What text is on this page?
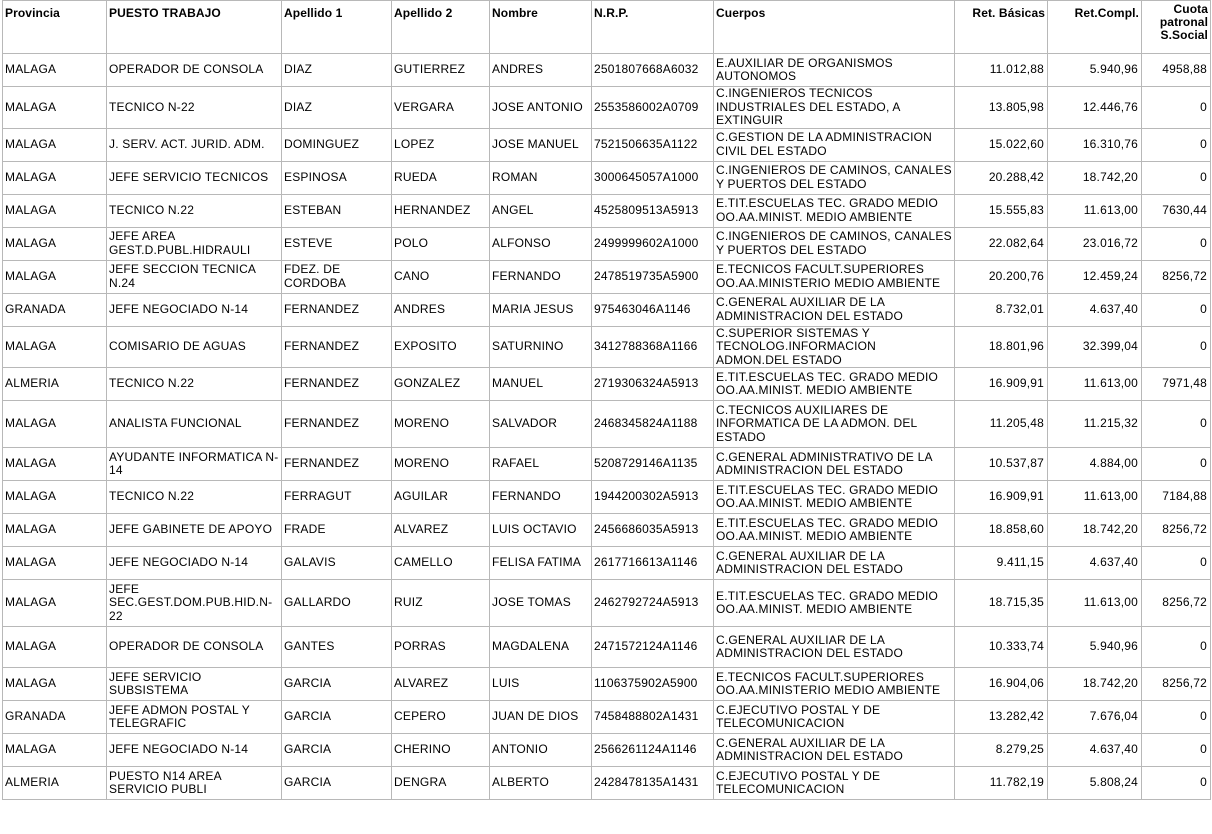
Provincia	PUESTO TRABAJO	Apellido 1	Apellido 2	Nombre	N.R.P.	Cuerpos	Ret. Básicas	Ret.Compl.	Cuota patronal S.Social
MALAGA	OPERADOR DE CONSOLA	DIAZ	GUTIERREZ	ANDRES	2501807668A6032	E.AUXILIAR DE ORGANISMOS AUTONOMOS	11.012,88	5.940,96	4958,88
MALAGA	TECNICO N-22	DIAZ	VERGARA	JOSE ANTONIO	2553586002A0709	C.INGENIEROS TECNICOS INDUSTRIALES DEL ESTADO, A EXTINGUIR	13.805,98	12.446,76	0
MALAGA	J. SERV. ACT. JURID. ADM.	DOMINGUEZ	LOPEZ	JOSE MANUEL	7521506635A1122	C.GESTION DE LA ADMINISTRACION CIVIL DEL ESTADO	15.022,60	16.310,76	0
MALAGA	JEFE SERVICIO TECNICOS	ESPINOSA	RUEDA	ROMAN	3000645057A1000	C.INGENIEROS DE CAMINOS, CANALES Y PUERTOS DEL ESTADO	20.288,42	18.742,20	0
MALAGA	TECNICO N.22	ESTEBAN	HERNANDEZ	ANGEL	4525809513A5913	E.TIT.ESCUELAS TEC. GRADO MEDIO OO.AA.MINIST. MEDIO AMBIENTE	15.555,83	11.613,00	7630,44
MALAGA	JEFE AREA GEST.D.PUBL.HIDRAULI	ESTEVE	POLO	ALFONSO	2499999602A1000	C.INGENIEROS DE CAMINOS, CANALES Y PUERTOS DEL ESTADO	22.082,64	23.016,72	0
MALAGA	JEFE SECCION TECNICA N.24	FDEZ. DE CORDOBA	CANO	FERNANDO	2478519735A5900	E.TECNICOS FACULT.SUPERIORES OO.AA.MINISTERIO MEDIO AMBIENTE	20.200,76	12.459,24	8256,72
GRANADA	JEFE NEGOCIADO N-14	FERNANDEZ	ANDRES	MARIA JESUS	975463046A1146	C.GENERAL AUXILIAR DE LA ADMINISTRACION DEL ESTADO	8.732,01	4.637,40	0
MALAGA	COMISARIO DE AGUAS	FERNANDEZ	EXPOSITO	SATURNINO	3412788368A1166	C.SUPERIOR SISTEMAS Y TECNOLOG.INFORMACION ADMON.DEL ESTADO	18.801,96	32.399,04	0
ALMERIA	TECNICO N.22	FERNANDEZ	GONZALEZ	MANUEL	2719306324A5913	E.TIT.ESCUELAS TEC. GRADO MEDIO OO.AA.MINIST. MEDIO AMBIENTE	16.909,91	11.613,00	7971,48
MALAGA	ANALISTA FUNCIONAL	FERNANDEZ	MORENO	SALVADOR	2468345824A1188	C.TECNICOS AUXILIARES DE INFORMATICA DE LA ADMON. DEL ESTADO	11.205,48	11.215,32	0
MALAGA	AYUDANTE INFORMATICA N-14	FERNANDEZ	MORENO	RAFAEL	5208729146A1135	C.GENERAL ADMINISTRATIVO DE LA ADMINISTRACION DEL ESTADO	10.537,87	4.884,00	0
MALAGA	TECNICO N.22	FERRAGUT	AGUILAR	FERNANDO	1944200302A5913	E.TIT.ESCUELAS TEC. GRADO MEDIO OO.AA.MINIST. MEDIO AMBIENTE	16.909,91	11.613,00	7184,88
MALAGA	JEFE GABINETE DE APOYO	FRADE	ALVAREZ	LUIS OCTAVIO	2456686035A5913	E.TIT.ESCUELAS TEC. GRADO MEDIO OO.AA.MINIST. MEDIO AMBIENTE	18.858,60	18.742,20	8256,72
MALAGA	JEFE NEGOCIADO N-14	GALAVIS	CAMELLO	FELISA FATIMA	2617716613A1146	C.GENERAL AUXILIAR DE LA ADMINISTRACION DEL ESTADO	9.411,15	4.637,40	0
MALAGA	JEFE SEC.GEST.DOM.PUB.HID.N-22	GALLARDO	RUIZ	JOSE TOMAS	2462792724A5913	E.TIT.ESCUELAS TEC. GRADO MEDIO OO.AA.MINIST. MEDIO AMBIENTE	18.715,35	11.613,00	8256,72
MALAGA	OPERADOR DE CONSOLA	GANTES	PORRAS	MAGDALENA	2471572124A1146	C.GENERAL AUXILIAR DE LA ADMINISTRACION DEL ESTADO	10.333,74	5.940,96	0
MALAGA	JEFE SERVICIO SUBSISTEMA	GARCIA	ALVAREZ	LUIS	1106375902A5900	E.TECNICOS FACULT.SUPERIORES OO.AA.MINISTERIO MEDIO AMBIENTE	16.904,06	18.742,20	8256,72
GRANADA	JEFE ADMON POSTAL Y TELEGRAFIC	GARCIA	CEPERO	JUAN DE DIOS	7458488802A1431	C.EJECUTIVO POSTAL Y DE TELECOMUNICACION	13.282,42	7.676,04	0
MALAGA	JEFE NEGOCIADO N-14	GARCIA	CHERINO	ANTONIO	2566261124A1146	C.GENERAL AUXILIAR DE LA ADMINISTRACION DEL ESTADO	8.279,25	4.637,40	0
ALMERIA	PUESTO N14 AREA SERVICIO PUBLI	GARCIA	DENGRA	ALBERTO	2428478135A1431	C.EJECUTIVO POSTAL Y DE TELECOMUNICACION	11.782,19	5.808,24	0
